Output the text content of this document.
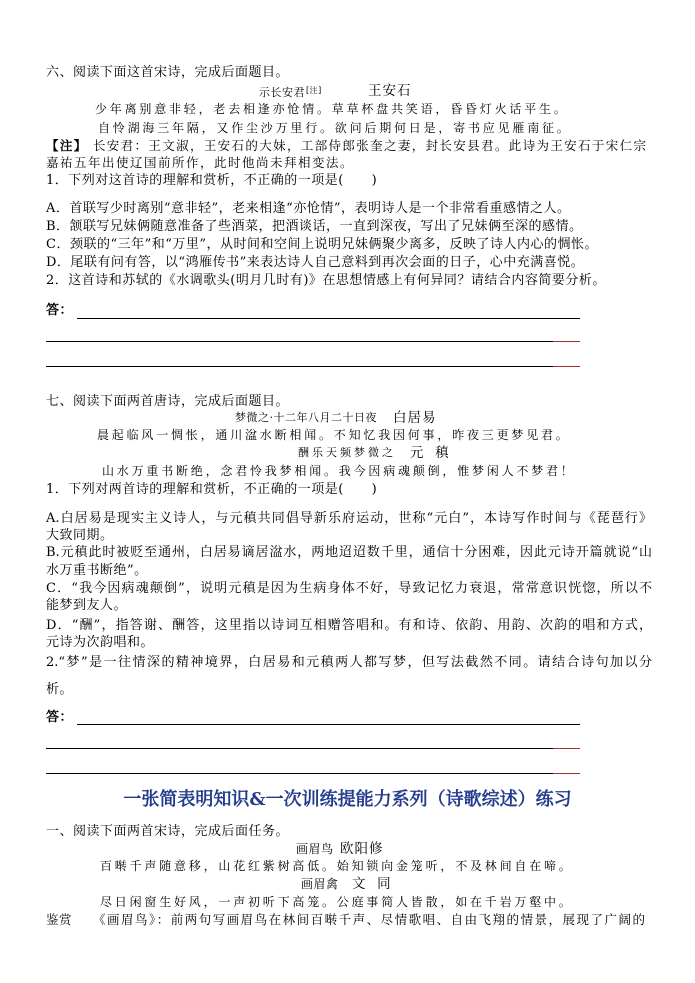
六、阅读下面这首宋诗，完成后面题目。
示长安君[注]	王安石
少年离别意非轻，老去相逢亦怆情。草草杯盘共笑语，昏昏灯火话平生。
自怜湖海三年隔，又作尘沙万里行。欲问后期何日是，寄书应见雁南征。
【注】 长安君：王文淑，王安石的大妹，工部侍郎张奎之妻，封长安县君。此诗为王安石于宋仁宗
嘉祐五年出使辽国前所作，此时他尚未拜相变法。
1．下列对这首诗的理解和赏析，不正确的一项是(      )
A．首联写少时离别“意非轻”，老来相逢“亦怆情”，表明诗人是一个非常看重感情之人。
B．颔联写兄妹俩随意准备了些酒菜，把酒谈话，一直到深夜，写出了兄妹俩至深的感情。
C．颈联的“三年”和“万里”，从时间和空间上说明兄妹俩聚少离多，反映了诗人内心的惆怅。
D．尾联有问有答，以“鸿雁传书”来表达诗人自己意料到再次会面的日子，心中充满喜悦。
2．这首诗和苏轼的《水调歌头(明月几时有)》在思想情感上有何异同？请结合内容简要分析。
答：
七、阅读下面两首唐诗，完成后面题目。
梦微之·十二年八月二十日夜 白居易
晨起临风一惆怅，通川湓水断相闻。不知忆我因何事，昨夜三更梦见君。
酬乐天频梦微之 元  稹
山水万重书断绝，念君怜我梦相闻。我今因病魂颠倒，惟梦闲人不梦君！
1．下列对两首诗的理解和赏析，不正确的一项是(      )
A.白居易是现实主义诗人，与元稹共同倡导新乐府运动，世称“元白”，本诗写作时间与《琵琶行》
大致同期。
B.元稹此时被贬至通州，白居易谪居湓水，两地迢迢数千里，通信十分困难，因此元诗开篇就说“山
水万重书断绝”。
C．“我今因病魂颠倒”，说明元稹是因为生病身体不好，导致记忆力衰退，常常意识恍惚，所以不
能梦到友人。
D．“酬”，指答谢、酬答，这里指以诗词互相赠答唱和。有和诗、依韵、用韵、次韵的唱和方式，
元诗为次韵唱和。
2.“梦”是一往情深的精神境界，白居易和元稹两人都写梦，但写法截然不同。请结合诗句加以分
析。
答：
一张简表明知识&一次训练提能力系列（诗歌综述）练习
一、阅读下面两首宋诗，完成后面任务。
画眉鸟 欧阳修
百啭千声随意移，山花红紫树高低。始知锁向金笼听，不及林间自在啼。
画眉禽 文  同
尽日闲窗生好风，一声初听下高笼。公庭事简人皆散，如在千岩万壑中。
鉴赏 《画眉鸟》：前两句写画眉鸟在林间百啭千声、尽情歌唱、自由飞翔的情景，展现了广阔的
